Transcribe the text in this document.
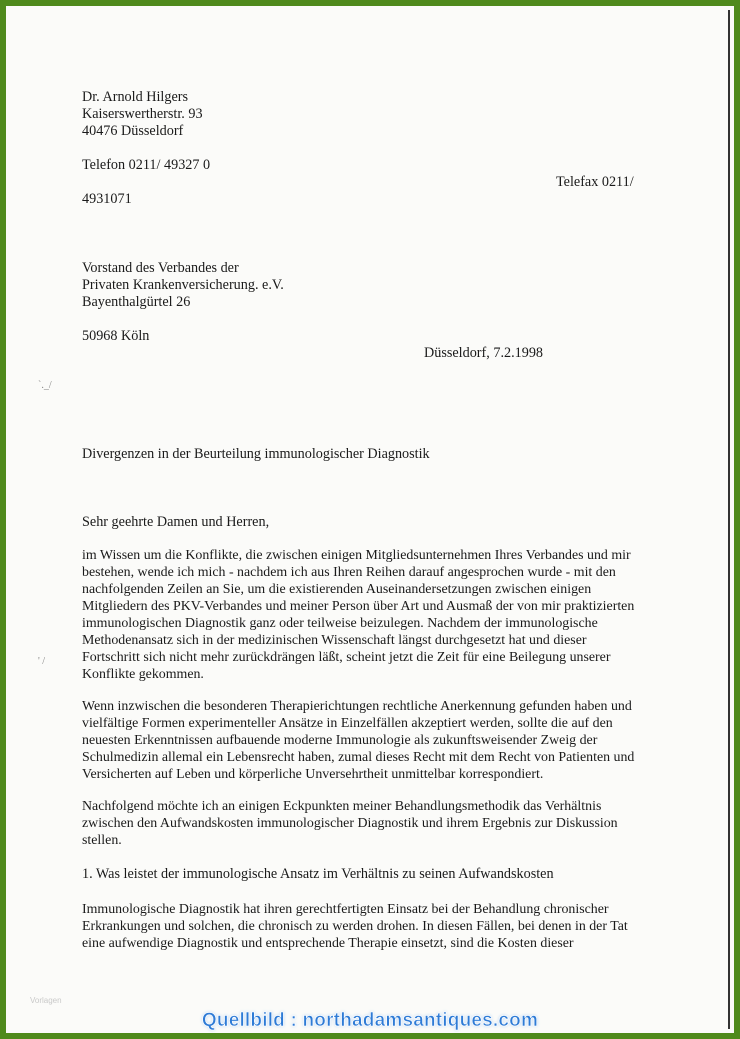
Dr. Arnold Hilgers
Kaiserswertherstr. 93
40476 Düsseldorf
Telefon 0211/ 49327 0
Telefax 0211/
4931071
Vorstand des Verbandes der
Privaten Krankenversicherung. e.V.
Bayenthalgürtel 26
50968 Köln
Düsseldorf, 7.2.1998
`._/
' /
Divergenzen in der Beurteilung immunologischer Diagnostik
Sehr geehrte Damen und Herren,
im Wissen um die Konflikte, die zwischen einigen Mitgliedsunternehmen Ihres Verbandes und mir
bestehen, wende ich mich - nachdem ich aus Ihren Reihen darauf angesprochen wurde - mit den
nachfolgenden Zeilen an Sie, um die existierenden Auseinandersetzungen zwischen einigen
Mitgliedern des PKV-Verbandes und meiner Person über Art und Ausmaß der von mir praktizierten
immunologischen Diagnostik ganz oder teilweise beizulegen. Nachdem der immunologische
Methodenansatz sich in der medizinischen Wissenschaft längst durchgesetzt hat und dieser
Fortschritt sich nicht mehr zurückdrängen läßt, scheint jetzt die Zeit für eine Beilegung unserer
Konflikte gekommen.
Wenn inzwischen die besonderen Therapierichtungen rechtliche Anerkennung gefunden haben und
vielfältige Formen experimenteller Ansätze in Einzelfällen akzeptiert werden, sollte die auf den
neuesten Erkenntnissen aufbauende moderne Immunologie als zukunftsweisender Zweig der
Schulmedizin allemal ein Lebensrecht haben, zumal dieses Recht mit dem Recht von Patienten und
Versicherten auf Leben und körperliche Unversehrtheit unmittelbar korrespondiert.
Nachfolgend möchte ich an einigen Eckpunkten meiner Behandlungsmethodik das Verhältnis
zwischen den Aufwandskosten immunologischer Diagnostik und ihrem Ergebnis zur Diskussion
stellen.
1. Was leistet der immunologische Ansatz im Verhältnis zu seinen Aufwandskosten
Immunologische Diagnostik hat ihren gerechtfertigten Einsatz bei der Behandlung chronischer
Erkrankungen und solchen, die chronisch zu werden drohen. In diesen Fällen, bei denen in der Tat
eine aufwendige Diagnostik und entsprechende Therapie einsetzt, sind die Kosten dieser
Vorlagen
Quellbild : northadamsantiques.com
